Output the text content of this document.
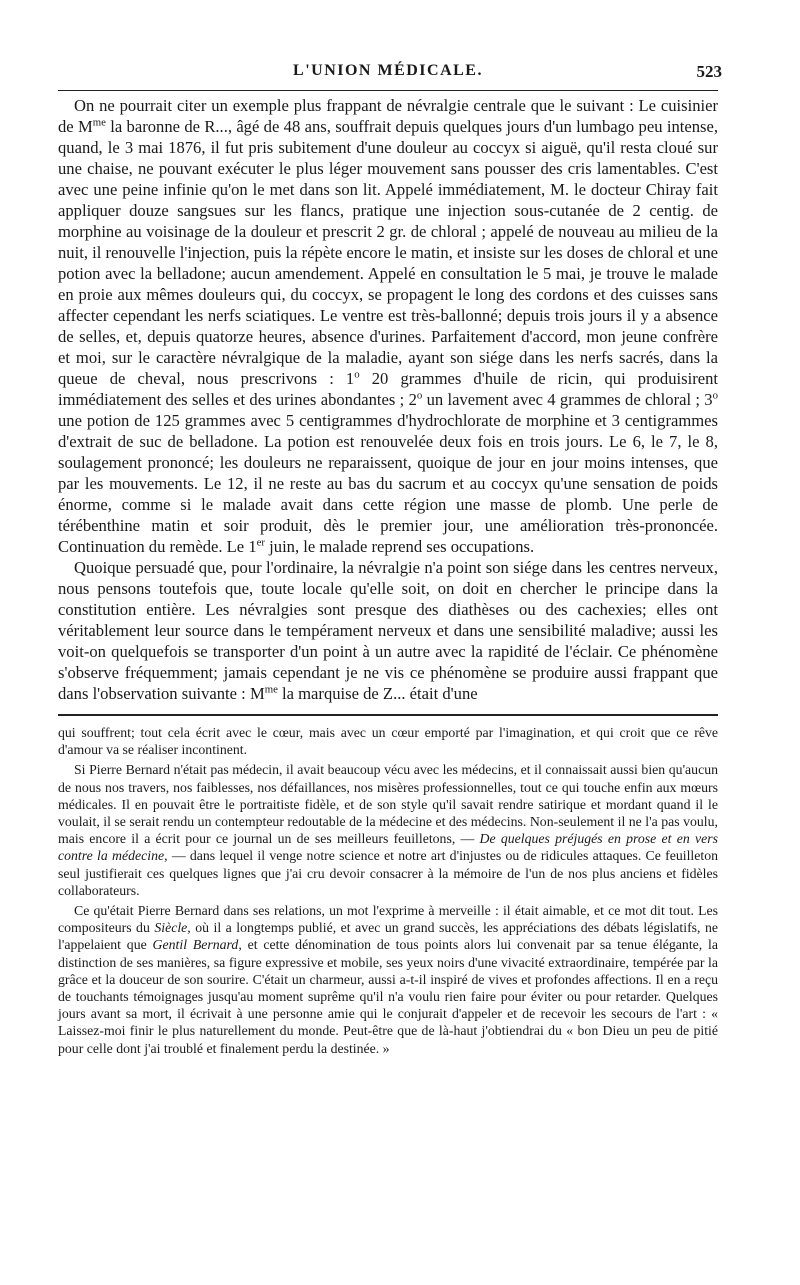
L'UNION MÉDICALE.	523

On ne pourrait citer un exemple plus frappant de névralgie centrale que le suivant : Le cuisinier de $M^{me}$ la baronne de R..., âgé de 48 ans, souffrait depuis quelques jours d'un lumbago peu intense, quand, le 3 mai 1876, il fut pris subitement d'une douleur au coccyx si aiguë, qu'il resta cloué sur une chaise, ne pouvant exécuter le plus léger mouvement sans pousser des cris lamentables. C'est avec une peine infinie qu'on le met dans son lit. Appelé immédiatement, M. le docteur Chiray fait appliquer douze sangsues sur les flancs, pratique une injection sous-cutanée de 2 centig. de morphine au voisinage de la douleur et prescrit 2 gr. de chloral ; appelé de nouveau au milieu de la nuit, il renouvelle l'injection, puis la répète encore le matin, et insiste sur les doses de chloral et une potion avec la belladone; aucun amendement. Appelé en consultation le 5 mai, je trouve le malade en proie aux mêmes douleurs qui, du coccyx, se propagent le long des cordons et des cuisses sans affecter cependant les nerfs sciatiques. Le ventre est très-ballonné; depuis trois jours il y a absence de selles, et, depuis quatorze heures, absence d'urines. Parfaitement d'accord, mon jeune confrère et moi, sur le caractère névralgique de la maladie, ayant son siége dans les nerfs sacrés, dans la queue de cheval, nous prescrivons : 1$^o$ 20 grammes d'huile de ricin, qui produisirent immédiatement des selles et des urines abondantes ; 2$^o$ un lavement avec 4 grammes de chloral ; 3$^o$ une potion de 125 grammes avec 5 centigrammes d'hydrochlorate de morphine et 3 centigrammes d'extrait de suc de belladone. La potion est renouvelée deux fois en trois jours. Le 6, le 7, le 8, soulagement prononcé; les douleurs ne reparaissent, quoique de jour en jour moins intenses, que par les mouvements. Le 12, il ne reste au bas du sacrum et au coccyx qu'une sensation de poids énorme, comme si le malade avait dans cette région une masse de plomb. Une perle de térébenthine matin et soir produit, dès le premier jour, une amélioration très-prononcée. Continuation du remède. Le 1er juin, le malade reprend ses occupations.

Quoique persuadé que, pour l'ordinaire, la névralgie n'a point son siége dans les centres nerveux, nous pensons toutefois que, toute locale qu'elle soit, on doit en chercher le principe dans la constitution entière. Les névralgies sont presque des diathèses ou des cachexies; elles ont véritablement leur source dans le tempérament nerveux et dans une sensibilité maladive; aussi les voit-on quelquefois se transporter d'un point à un autre avec la rapidité de l'éclair. Ce phénomène s'observe fréquemment; jamais cependant je ne vis ce phénomène se produire aussi frappant que dans l'observation suivante : $M^{me}$ la marquise de Z... était d'une

qui souffrent; tout cela écrit avec le cœur, mais avec un cœur emporté par l'imagination, et qui croit que ce rêve d'amour va se réaliser incontinent.

Si Pierre Bernard n'était pas médecin, il avait beaucoup vécu avec les médecins, et il connaissait aussi bien qu'aucun de nous nos travers, nos faiblesses, nos défaillances, nos misères professionnelles, tout ce qui touche enfin aux mœurs médicales. Il en pouvait être le portraitiste fidèle, et de son style qu'il savait rendre satirique et mordant quand il le voulait, il se serait rendu un contempteur redoutable de la médecine et des médecins. Non-seulement il ne l'a pas voulu, mais encore il a écrit pour ce journal un de ses meilleurs feuilletons, — De quelques préjugés en prose et en vers contre la médecine, — dans lequel il venge notre science et notre art d'injustes ou de ridicules attaques. Ce feuilleton seul justifierait ces quelques lignes que j'ai cru devoir consacrer à la mémoire de l'un de nos plus anciens et fidèles collaborateurs.

Ce qu'était Pierre Bernard dans ses relations, un mot l'exprime à merveille : il était aimable, et ce mot dit tout. Les compositeurs du Siècle, où il a longtemps publié, et avec un grand succès, les appréciations des débats législatifs, ne l'appelaient que Gentil Bernard, et cette dénomination de tous points alors lui convenait par sa tenue élégante, la distinction de ses manières, sa figure expressive et mobile, ses yeux noirs d'une vivacité extraordinaire, tempérée par la grâce et la douceur de son sourire. C'était un charmeur, aussi a-t-il inspiré de vives et profondes affections. Il en a reçu de touchants témoignages jusqu'au moment suprême qu'il n'a voulu rien faire pour éviter ou pour retarder. Quelques jours avant sa mort, il écrivait à une personne amie qui le conjurait d'appeler et de recevoir les secours de l'art : « Laissez-moi finir le plus naturellement du monde. Peut-être que de là-haut j'obtiendrai du « bon Dieu un peu de pitié pour celle dont j'ai troublé et finalement perdu la destinée. »
